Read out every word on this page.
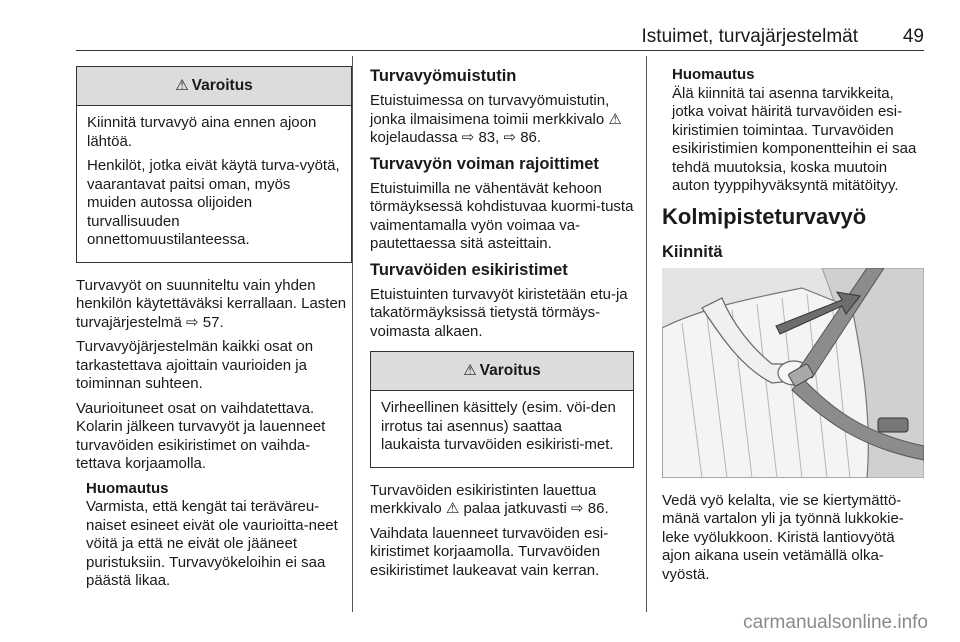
Istuimet, turvajärjestelmät 49
⚠ Varoitus

Kiinnitä turvavyö aina ennen ajoon lähtöä.

Henkilöt, jotka eivät käytä turva-vyötä, vaarantavat paitsi oman, myös muiden autossa olijoiden turvallisuuden onnettomuustilanteessa.

Turvavyöt on suunniteltu vain yhden henkilön käytettäväksi kerrallaan. Lasten turvajärjestelmä ⇨ 57.

Turvavyöjärjestelmän kaikki osat on tarkastettava ajoittain vaurioiden ja toiminnan suhteen.

Vaurioituneet osat on vaihdatettava. Kolarin jälkeen turvavyöt ja lauenneet turvavöiden esikiristimet on vaihda-tettava korjaamolla.

Huomautus

Varmista, että kengät tai teräväreu-naiset esineet eivät ole vaurioitta-neet vöitä ja että ne eivät ole jääneet puristuksiin. Turvavyökeloihin ei saa päästä likaa.

Turvavyömuistutin

Etuistuimessa on turvavyömuistutin, jonka ilmaisimena toimii merkkivalo ⚠ kojelaudassa ⇨ 83, ⇨ 86.

Turvavyön voiman rajoittimet

Etuistuimilla ne vähentävät kehoon törmäyksessä kohdistuvaa kuormi-tusta vaimentamalla vyön voimaa va-pautettaessa sitä asteittain.

Turvavöiden esikiristimet

Etuistuinten turvavyöt kiristetään etu-ja takatörmäyksissä tietystä törmäys-voimasta alkaen.

⚠ Varoitus

Virheellinen käsittely (esim. vöi-den irrotus tai asennus) saattaa laukaista turvavöiden esikiristi-met.

Turvavöiden esikiristinten lauettua merkkivalo ⚠ palaa jatkuvasti ⇨ 86.

Vaihdata lauenneet turvavöiden esi-kiristimet korjaamolla. Turvavöiden esikiristimet laukeavat vain kerran.

Huomautus

Älä kiinnitä tai asenna tarvikkeita, jotka voivat häiritä turvavöiden esi-kiristimien toimintaa. Turvavöiden esikiristimien komponentteihin ei saa tehdä muutoksia, koska muutoin auton tyyppihyväksyntä mitätöityy.

Kolmipisteturvavyö
Kiinnitä

Vedä vyö kelalta, vie se kiertymättö-mänä vartalon yli ja työnnä lukkokie-leke vyölukkoon. Kiristä lantiovyötä ajon aikana usein vetämällä olka-vyöstä.

carmanualsonline.info
